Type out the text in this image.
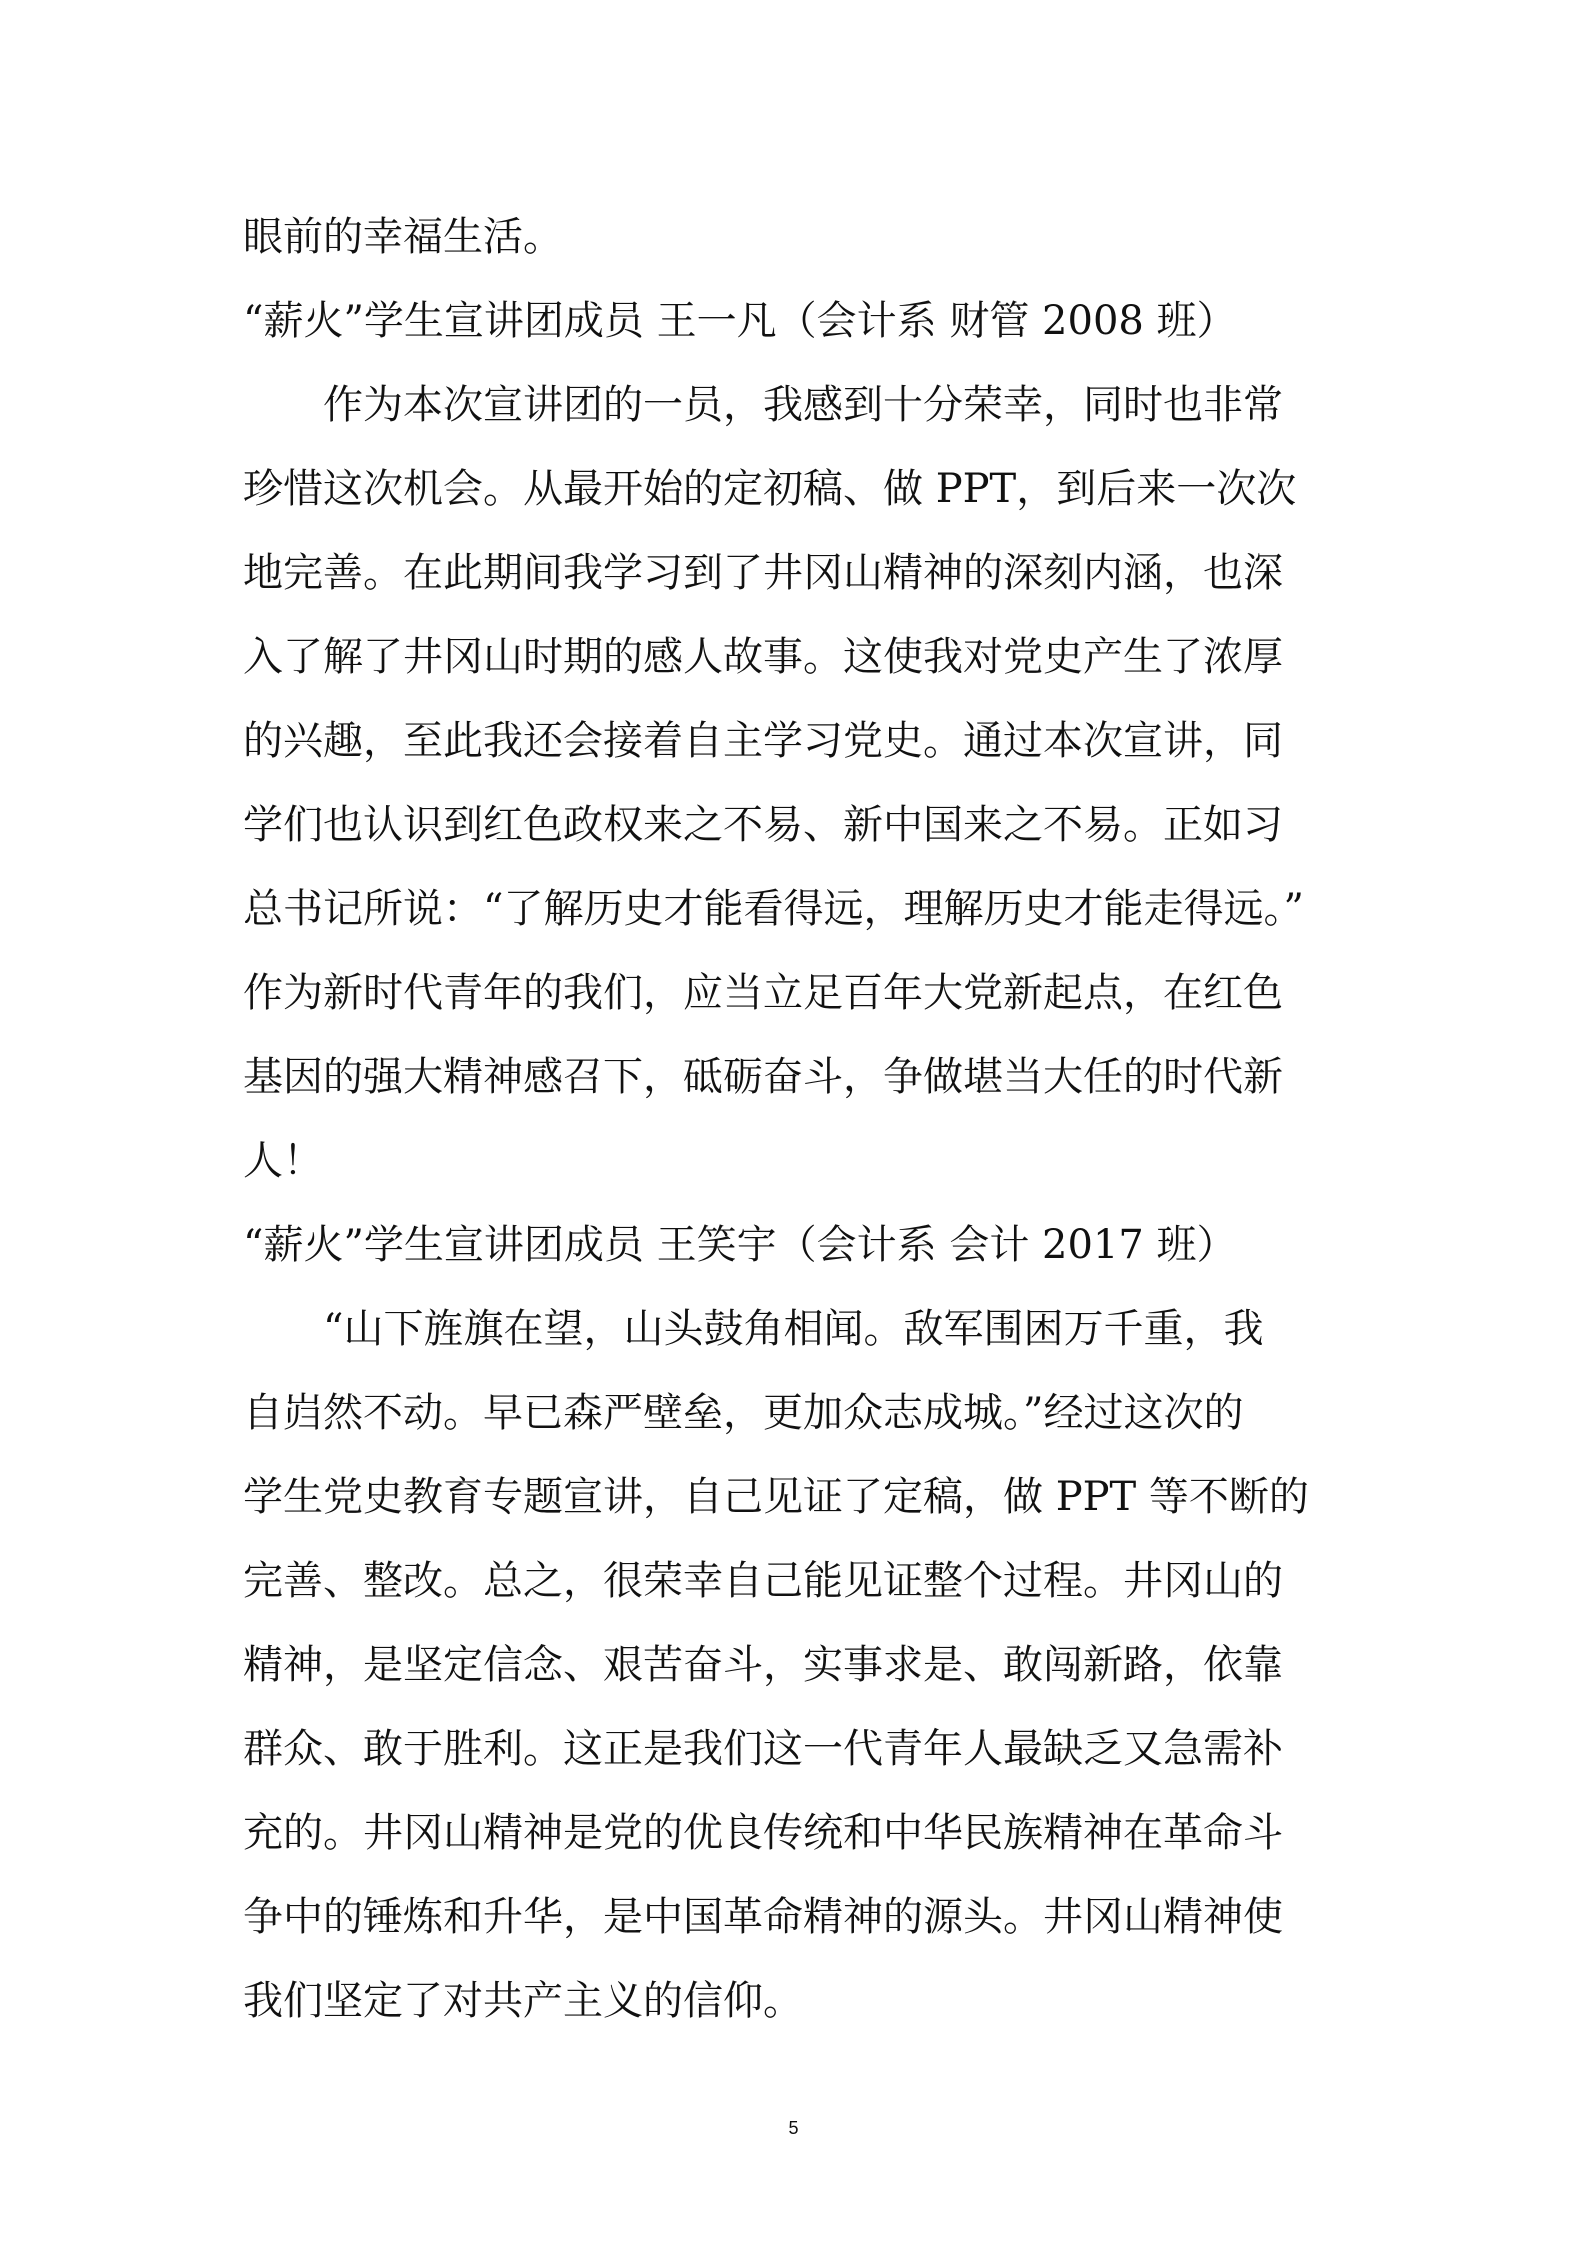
眼前的幸福生活。
“薪火”学生宣讲团成员 王一凡（会计系 财管 2008 班）
　　作为本次宣讲团的一员，我感到十分荣幸，同时也非常
珍惜这次机会。从最开始的定初稿、做 PPT，到后来一次次
地完善。在此期间我学习到了井冈山精神的深刻内涵，也深
入了解了井冈山时期的感人故事。这使我对党史产生了浓厚
的兴趣，至此我还会接着自主学习党史。通过本次宣讲，同
学们也认识到红色政权来之不易、新中国来之不易。正如习
总书记所说：“了解历史才能看得远，理解历史才能走得远。”
作为新时代青年的我们，应当立足百年大党新起点，在红色
基因的强大精神感召下，砥砺奋斗，争做堪当大任的时代新
人！
“薪火”学生宣讲团成员 王笑宇（会计系 会计 2017 班）
　　“山下旌旗在望，山头鼓角相闻。敌军围困万千重，我
自岿然不动。早已森严壁垒，更加众志成城。”经过这次的
学生党史教育专题宣讲，自己见证了定稿，做 PPT 等不断的
完善、整改。总之，很荣幸自己能见证整个过程。井冈山的
精神，是坚定信念、艰苦奋斗，实事求是、敢闯新路，依靠
群众、敢于胜利。这正是我们这一代青年人最缺乏又急需补
充的。井冈山精神是党的优良传统和中华民族精神在革命斗
争中的锤炼和升华，是中国革命精神的源头。井冈山精神使
我们坚定了对共产主义的信仰。
5
